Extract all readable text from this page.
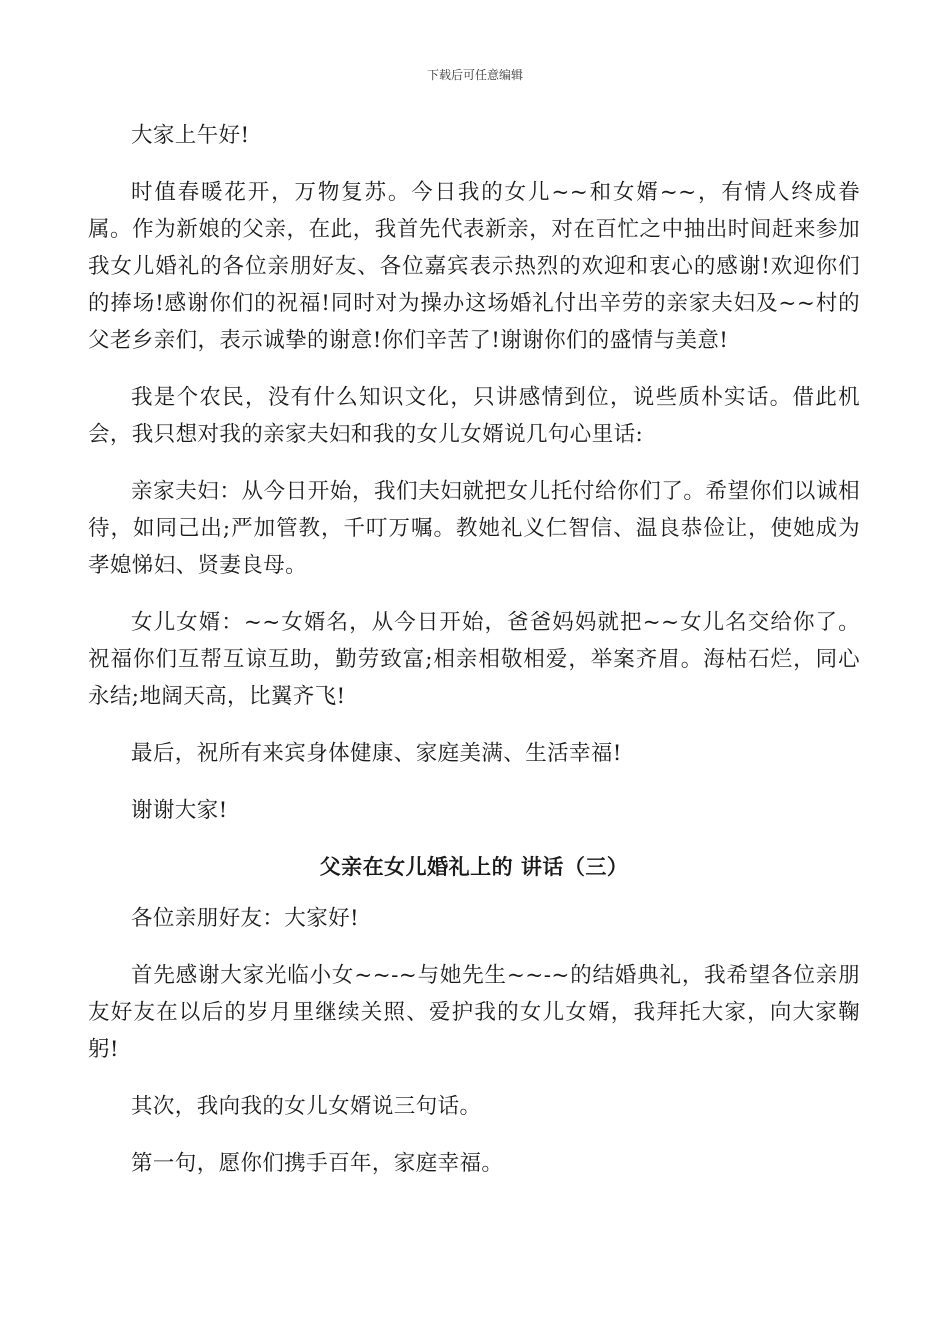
下载后可任意编辑

大家上午好!

时值春暖花开，万物复苏。今日我的女儿~~和女婿~~，有情人终成眷属。作为新娘的父亲，在此，我首先代表新亲，对在百忙之中抽出时间赶来参加我女儿婚礼的各位亲朋好友、各位嘉宾表示热烈的欢迎和衷心的感谢!欢迎你们的捧场!感谢你们的祝福!同时对为操办这场婚礼付出辛劳的亲家夫妇及~~村的父老乡亲们，表示诚挚的谢意!你们辛苦了!谢谢你们的盛情与美意!

我是个农民，没有什么知识文化，只讲感情到位，说些质朴实话。借此机会，我只想对我的亲家夫妇和我的女儿女婿说几句心里话:

亲家夫妇：从今日开始，我们夫妇就把女儿托付给你们了。希望你们以诚相待，如同己出;严加管教，千叮万嘱。教她礼义仁智信、温良恭俭让，使她成为孝媳悌妇、贤妻良母。

女儿女婿：~~女婿名，从今日开始，爸爸妈妈就把~~女儿名交给你了。祝福你们互帮互谅互助，勤劳致富;相亲相敬相爱，举案齐眉。海枯石烂，同心永结;地阔天高，比翼齐飞!

最后，祝所有来宾身体健康、家庭美满、生活幸福!

谢谢大家!

父亲在女儿婚礼上的 讲话（三）

各位亲朋好友：大家好!

首先感谢大家光临小女~~-~与她先生~~-~的结婚典礼，我希望各位亲朋友好友在以后的岁月里继续关照、爱护我的女儿女婿，我拜托大家，向大家鞠躬!

其次，我向我的女儿女婿说三句话。

第一句，愿你们携手百年，家庭幸福。
